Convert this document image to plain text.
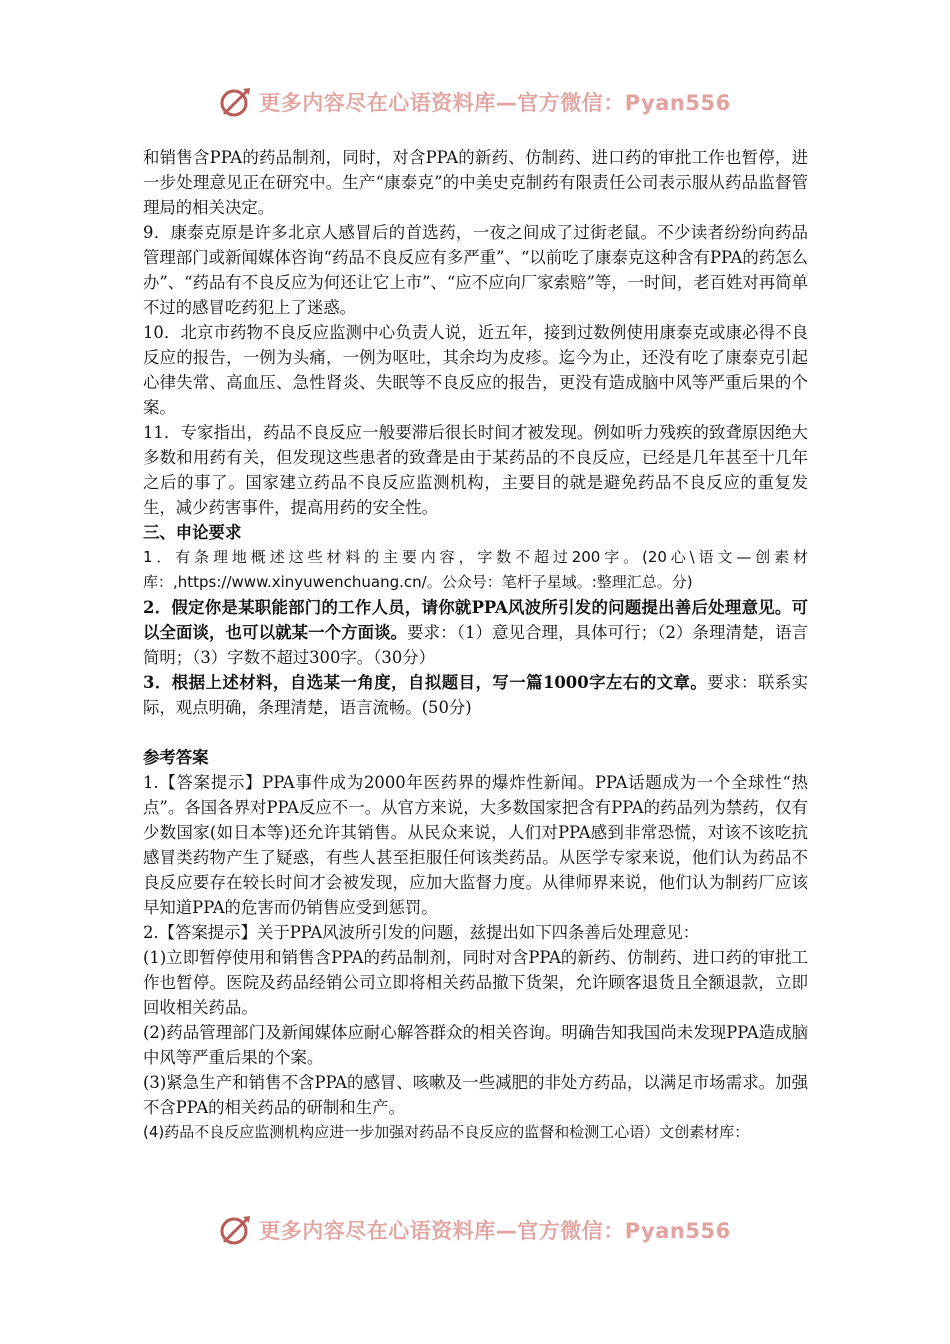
更多内容尽在心语资料库—官方微信：Pyan556

和销售含PPA的药品制剂，同时，对含PPA的新药、仿制药、进口药的审批工作也暂停，进一步处理意见正在研究中。生产“康泰克”的中美史克制药有限责任公司表示服从药品监督管理局的相关决定。

9．康泰克原是许多北京人感冒后的首选药，一夜之间成了过街老鼠。不少读者纷纷向药品管理部门或新闻媒体咨询“药品不良反应有多严重”、“以前吃了康泰克这种含有PPA的药怎么办”、“药品有不良反应为何还让它上市”、“应不应向厂家索赔”等，一时间，老百姓对再简单不过的感冒吃药犯上了迷惑。

10．北京市药物不良反应监测中心负责人说，近五年，接到过数例使用康泰克或康必得不良反应的报告，一例为头痛，一例为呕吐，其余均为皮疹。迄今为止，还没有吃了康泰克引起心律失常、高血压、急性肾炎、失眠等不良反应的报告，更没有造成脑中风等严重后果的个案。

11．专家指出，药品不良反应一般要滞后很长时间才被发现。例如听力残疾的致聋原因绝大多数和用药有关，但发现这些患者的致聋是由于某药品的不良反应，已经是几年甚至十几年之后的事了。国家建立药品不良反应监测机构，主要目的就是避免药品不良反应的重复发生，减少药害事件，提高用药的安全性。

三、申论要求

1．有条理地概述这些材料的主要内容，字数不超过200字。(20心\语文—创素材库：,https://www.xinyuwenchuang.cn/。公众号：笔杆子星域。:整理汇总。分)

2．假定你是某职能部门的工作人员，请你就PPA风波所引发的问题提出善后处理意见。可以全面谈，也可以就某一个方面谈。要求：（1）意见合理，具体可行；（2）条理清楚，语言简明；（3）字数不超过300字。（30分）

3．根据上述材料，自选某一角度，自拟题目，写一篇1000字左右的文章。要求：联系实际，观点明确，条理清楚，语言流畅。(50分)

参考答案

1.【答案提示】PPA事件成为2000年医药界的爆炸性新闻。PPA话题成为一个全球性“热点”。各国各界对PPA反应不一。从官方来说，大多数国家把含有PPA的药品列为禁药，仅有少数国家(如日本等)还允许其销售。从民众来说，人们对PPA感到非常恐慌，对该不该吃抗感冒类药物产生了疑惑，有些人甚至拒服任何该类药品。从医学专家来说，他们认为药品不良反应要存在较长时间才会被发现，应加大监督力度。从律师界来说，他们认为制药厂应该早知道PPA的危害而仍销售应受到惩罚。

2.【答案提示】关于PPA风波所引发的问题，兹提出如下四条善后处理意见：

(1)立即暂停使用和销售含PPA的药品制剂，同时对含PPA的新药、仿制药、进口药的审批工作也暂停。医院及药品经销公司立即将相关药品撤下货架，允许顾客退货且全额退款，立即回收相关药品。

(2)药品管理部门及新闻媒体应耐心解答群众的相关咨询。明确告知我国尚未发现PPA造成脑中风等严重后果的个案。

(3)紧急生产和销售不含PPA的感冒、咳嗽及一些减肥的非处方药品，以满足市场需求。加强不含PPA的相关药品的研制和生产。

(4)药品不良反应监测机构应进一步加强对药品不良反应的监督和检测工心语）文创素材库：

更多内容尽在心语资料库—官方微信：Pyan556
